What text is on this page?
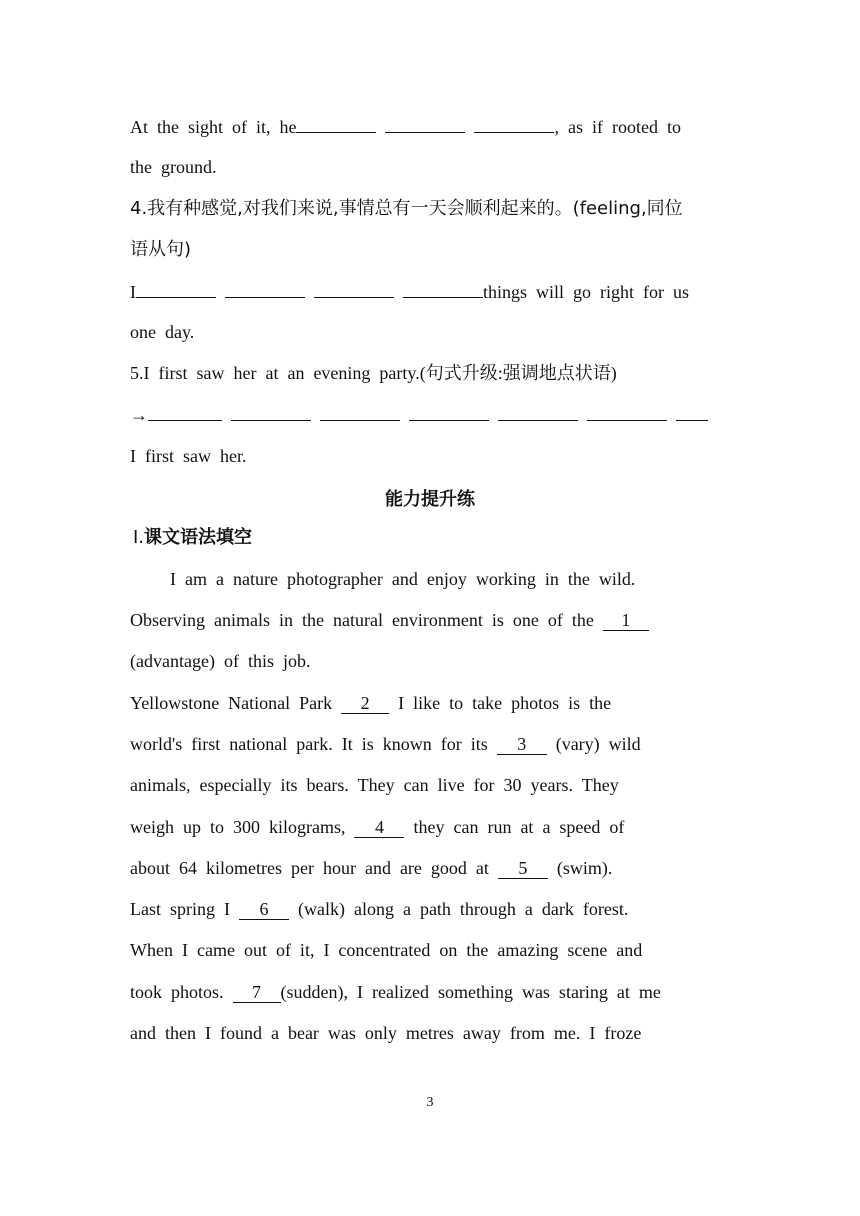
At  the  sight  of  it,  he	,  as  if  rooted  to
the  ground.
4.我有种感觉,对我们来说,事情总有一天会顺利起来的。(feeling,同位
语从句)
I	things  will  go  right  for  us
one  day.
5.I  first  saw  her  at  an  evening  party.(句式升级:强调地点状语)
→
I  first  saw  her.
能力提升练
Ⅰ.课文语法填空
I  am  a  nature  photographer  and  enjoy  working  in  the  wild.
Observing  animals  in  the  natural  environment  is  one  of  the 1
(advantage)  of  this  job.
Yellowstone  National  Park 2 I  like  to  take  photos  is  the
world's  first  national  park.  It  is  known  for  its 3 (vary)  wild
animals,  especially  its  bears.  They  can  live  for  30  years.  They
weigh  up  to  300  kilograms, 4 they  can  run  at  a  speed  of
about  64  kilometres  per  hour  and  are  good  at 5 (swim).
Last  spring  I 6 (walk)  along  a  path  through  a  dark  forest.
When  I  came  out  of  it,  I  concentrated  on  the  amazing  scene  and
took  photos. 7 (sudden),  I  realized  something  was  staring  at  me
and  then  I  found  a  bear  was  only  metres  away  from  me.  I  froze
3
